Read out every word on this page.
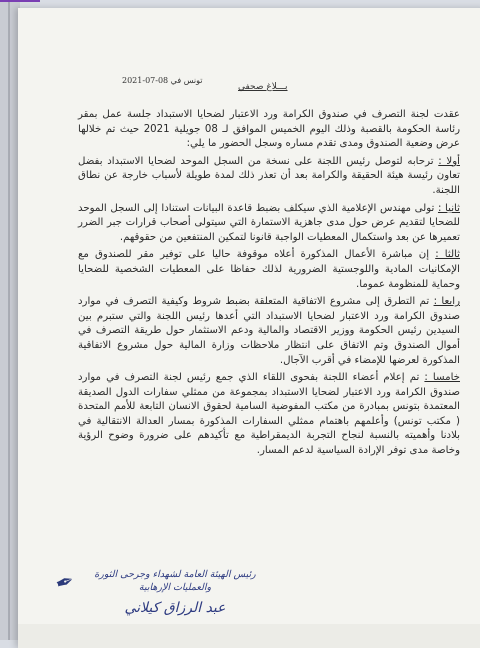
تونس في 08-07-2021
بـــلاغ صحفي

عقدت لجنة التصرف في صندوق الكرامة ورد الاعتبار لضحايا الاستبداد جلسة عمل بمقر رئاسة الحكومة بالقصبة وذلك اليوم الخميس الموافق لـ 08 جويلية 2021 حيث تم خلالها عرض وضعية الصندوق ومدى تقدم مساره وسجل الحضور ما يلي:

أولا : ترحابه لتوصل رئيس اللجنة على نسخة من السجل الموحد لضحايا الاستبداد بفضل تعاون رئيسة هيئة الحقيقة والكرامة بعد أن تعذر ذلك لمدة طويلة لأسباب خارجة عن نطاق اللجنة.

ثانيا : تولى مهندس الإعلامية الذي سيكلف بضبط قاعدة البيانات استنادا إلى السجل الموحد للضحايا لتقديم عرض حول مدى جاهزية الاستمارة التي سيتولى أصحاب قرارات جبر الضرر تعميرها عن بعد واستكمال المعطيات الواجبة قانونا لتمكين المنتفعين من حقوقهم.

ثالثا : إن مباشرة الأعمال المذكورة أعلاه موقوفة حاليا على توفير مقر للصندوق مع الإمكانيات المادية واللوجستية الضرورية لذلك حفاظا على المعطيات الشخصية للضحايا وحماية للمنظومة عموما.

رابعا : تم التطرق إلى مشروع الاتفاقية المتعلقة بضبط شروط وكيفية التصرف في موارد صندوق الكرامة ورد الاعتبار لضحايا الاستبداد التي أعدها رئيس اللجنة والتي ستبرم بين السيدين رئيس الحكومة ووزير الاقتصاد والمالية ودعم الاستثمار حول طريقة التصرف في أموال الصندوق وتم الاتفاق على انتظار ملاحظات وزارة المالية حول مشروع الاتفاقية المذكورة لعرضها للإمضاء في أقرب الآجال.

خامسا : تم إعلام أعضاء اللجنة بفحوى اللقاء الذي جمع رئيس لجنة التصرف في موارد صندوق الكرامة ورد الاعتبار لضحايا الاستبداد بمجموعة من ممثلي سفارات الدول الصديقة المعتمدة بتونس بمبادرة من مكتب المفوضية السامية لحقوق الانسان التابعة للأمم المتحدة ( مكتب تونس) وأعلمهم باهتمام ممثلي السفارات المذكورة بمسار العدالة الانتقالية في بلادنا وأهميته بالنسبة لنجاح التجربة الديمقراطية مع تأكيدهم على ضرورة وضوح الرؤية وخاصة مدى توفر الإرادة السياسية لدعم المسار.

✒	رئيس الهيئة العامة لشهداء وجرحى الثورة
والعمليات الإرهابية
عبد الرزاق كيلاني
